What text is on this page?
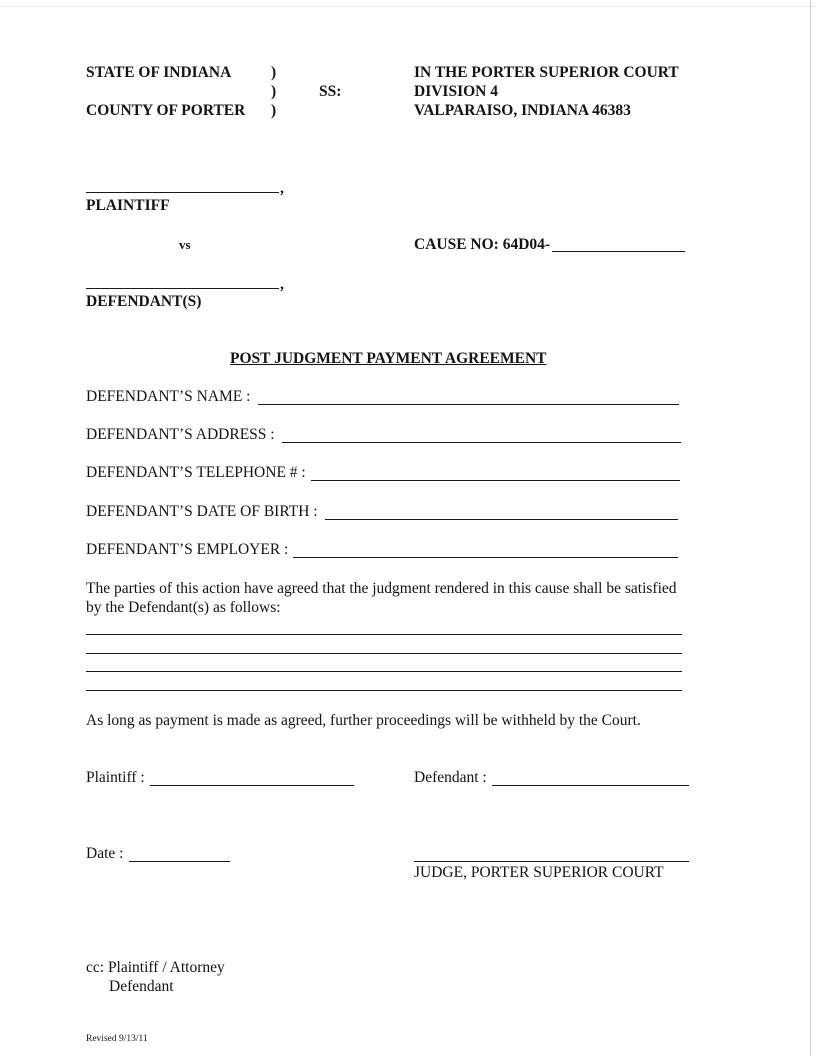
STATE OF INDIANA
COUNTY OF PORTER
)
)
)
SS:
IN THE PORTER SUPERIOR COURT
DIVISION 4
VALPARAISO, INDIANA 46383
,
PLAINTIFF
vs	CAUSE NO: 64D04-
,
DEFENDANT(S)
POST JUDGMENT PAYMENT AGREEMENT
DEFENDANT’S NAME :
DEFENDANT’S ADDRESS :
DEFENDANT’S TELEPHONE # :
DEFENDANT’S DATE OF BIRTH :
DEFENDANT’S EMPLOYER :
The parties of this action have agreed that the judgment rendered in this cause shall be satisfied
by the Defendant(s) as follows:
As long as payment is made as agreed, further proceedings will be withheld by the Court.
Plaintiff :	Defendant :
Date :
JUDGE, PORTER SUPERIOR COURT
cc: Plaintiff / Attorney
Defendant
Revised 9/13/11
